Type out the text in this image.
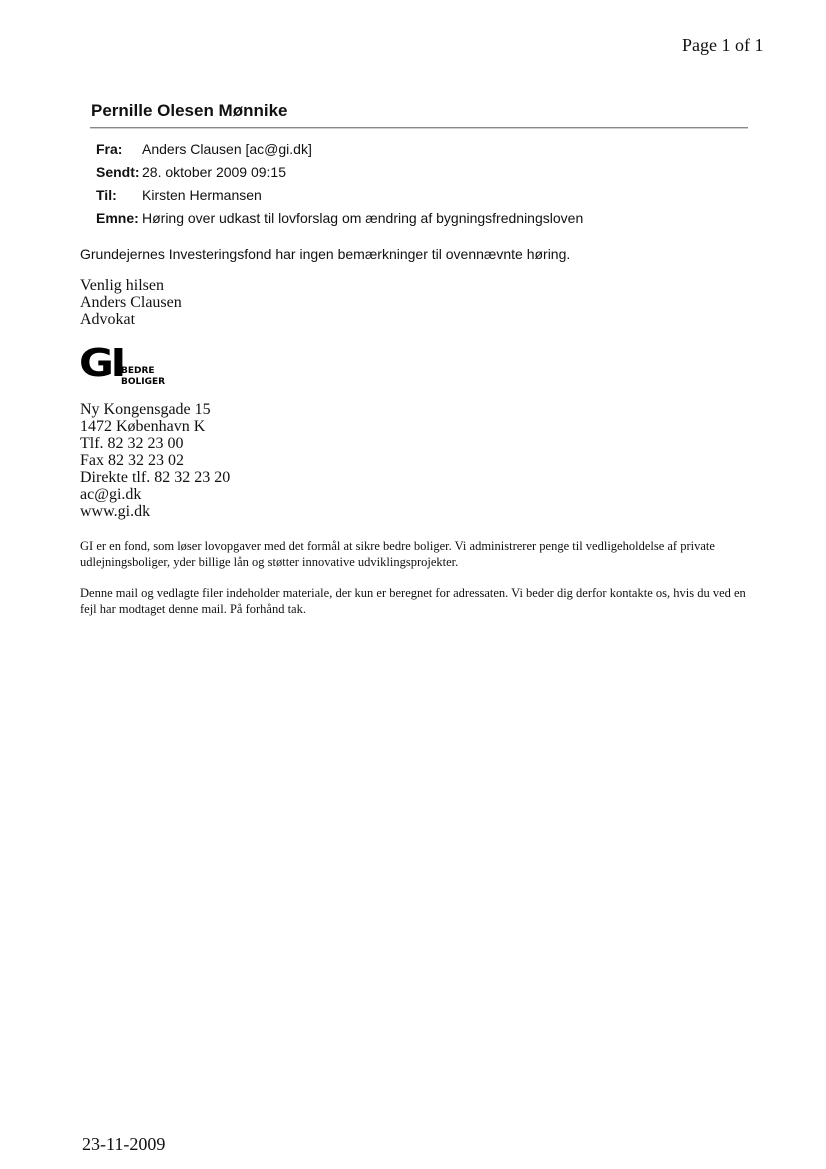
Page 1 of 1
Pernille Olesen Mønnike
Fra: Anders Clausen [ac@gi.dk]
Sendt: 28. oktober 2009 09:15
Til: Kirsten Hermansen
Emne: Høring over udkast til lovforslag om ændring af bygningsfredningsloven
Grundejernes Investeringsfond har ingen bemærkninger til ovennævnte høring.
Venlig hilsen
Anders Clausen
Advokat
GI
BEDRE
BOLIGER
Ny Kongensgade 15
1472 København K
Tlf. 82 32 23 00
Fax 82 32 23 02
Direkte tlf. 82 32 23 20
ac@gi.dk
www.gi.dk
GI er en fond, som løser lovopgaver med det formål at sikre bedre boliger. Vi administrerer penge til vedligeholdelse af private udlejningsboliger, yder billige lån og støtter innovative udviklingsprojekter.
Denne mail og vedlagte filer indeholder materiale, der kun er beregnet for adressaten. Vi beder dig derfor kontakte os, hvis du ved en fejl har modtaget denne mail. På forhånd tak.
23-11-2009
